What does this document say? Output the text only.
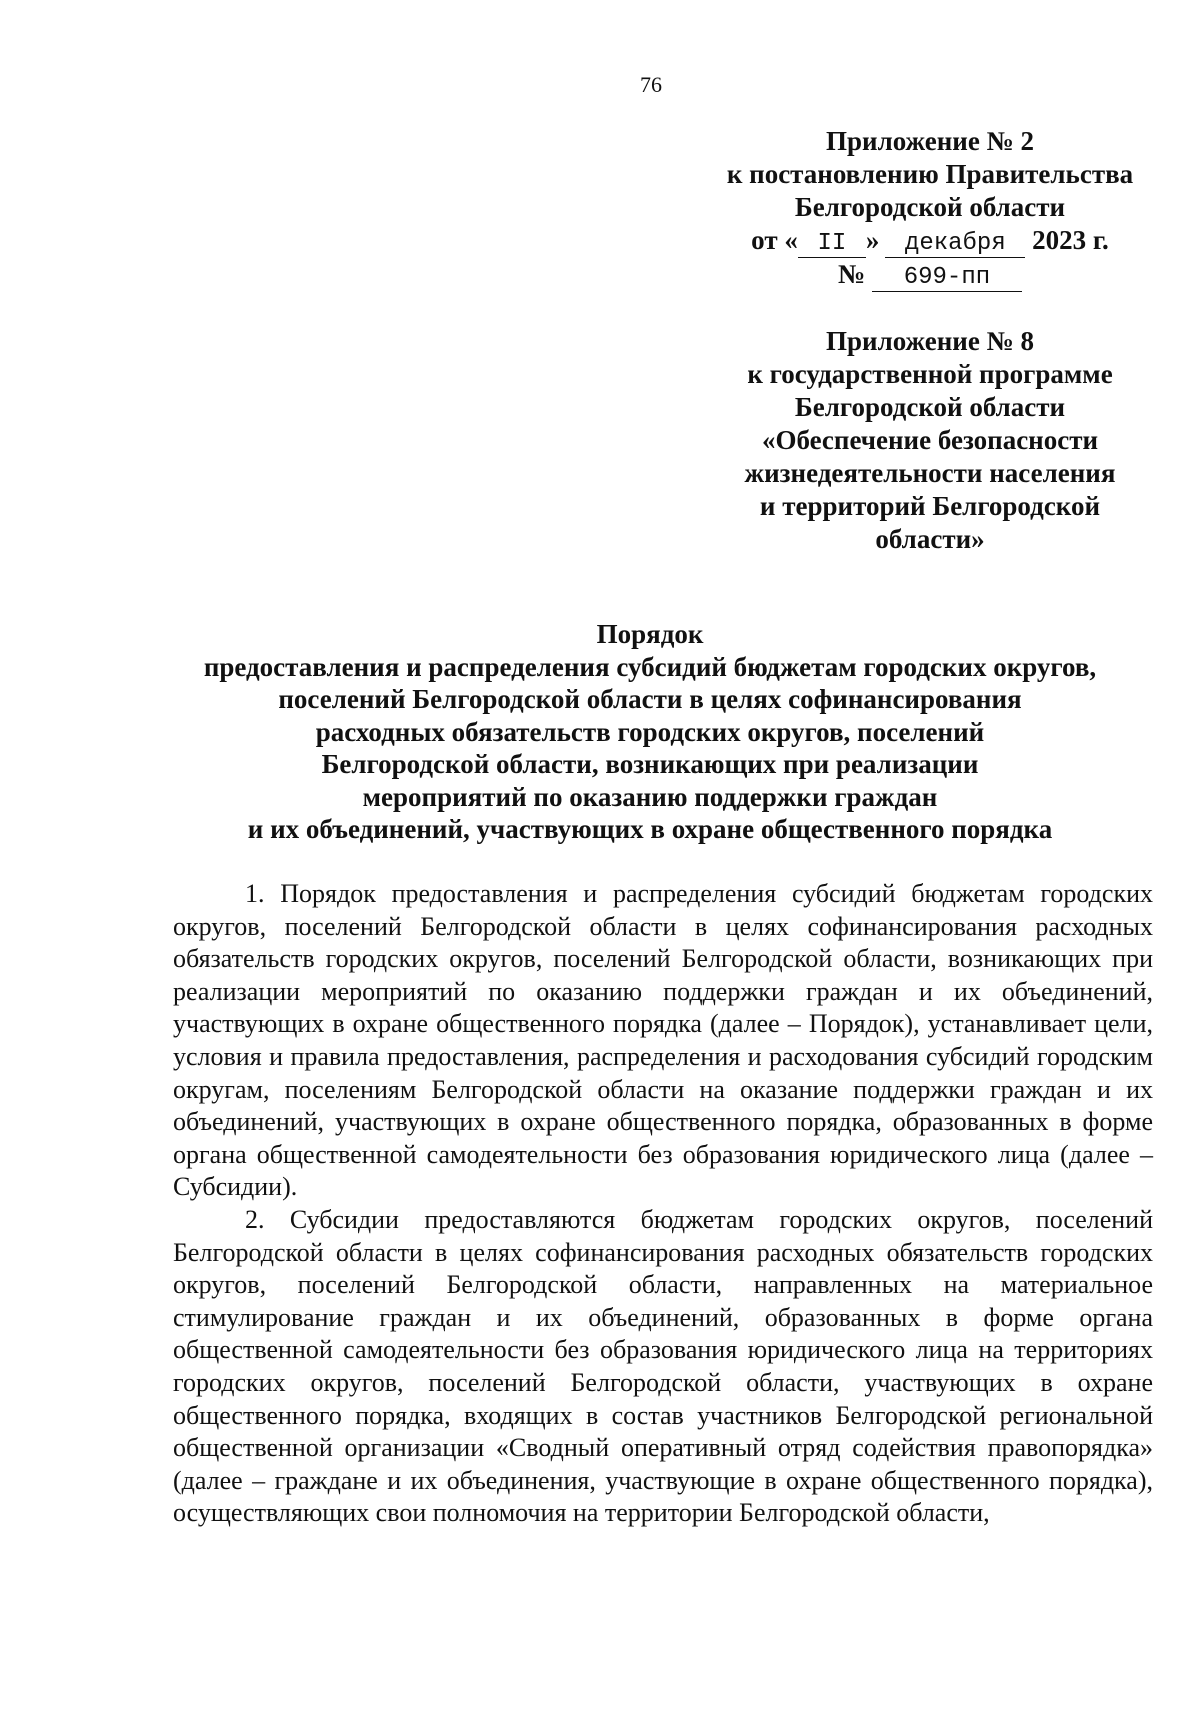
76
Приложение № 2
к постановлению Правительства
Белгородской области
от « II » декабря 2023 г.
№ 699-пп
Приложение № 8
к государственной программе
Белгородской области
«Обеспечение безопасности
жизнедеятельности населения
и территорий Белгородской
области»
Порядок
предоставления и распределения субсидий бюджетам городских округов,
поселений Белгородской области в целях софинансирования
расходных обязательств городских округов, поселений
Белгородской области, возникающих при реализации
мероприятий по оказанию поддержки граждан
и их объединений, участвующих в охране общественного порядка

1. Порядок предоставления и распределения субсидий бюджетам городских округов, поселений Белгородской области в целях софинансирования расходных обязательств городских округов, поселений Белгородской области, возникающих при реализации мероприятий по оказанию поддержки граждан и их объединений, участвующих в охране общественного порядка (далее – Порядок), устанавливает цели, условия и правила предоставления, распределения и расходования субсидий городским округам, поселениям Белгородской области на оказание поддержки граждан и их объединений, участвующих в охране общественного порядка, образованных в форме органа общественной самодеятельности без образования юридического лица (далее – Субсидии).

2. Субсидии предоставляются бюджетам городских округов, поселений Белгородской области в целях софинансирования расходных обязательств городских округов, поселений Белгородской области, направленных на материальное стимулирование граждан и их объединений, образованных в форме органа общественной самодеятельности без образования юридического лица на территориях городских округов, поселений Белгородской области, участвующих в охране общественного порядка, входящих в состав участников Белгородской региональной общественной организации «Сводный оперативный отряд содействия правопорядка» (далее – граждане и их объединения, участвующие в охране общественного порядка), осуществляющих свои полномочия на территории Белгородской области,
